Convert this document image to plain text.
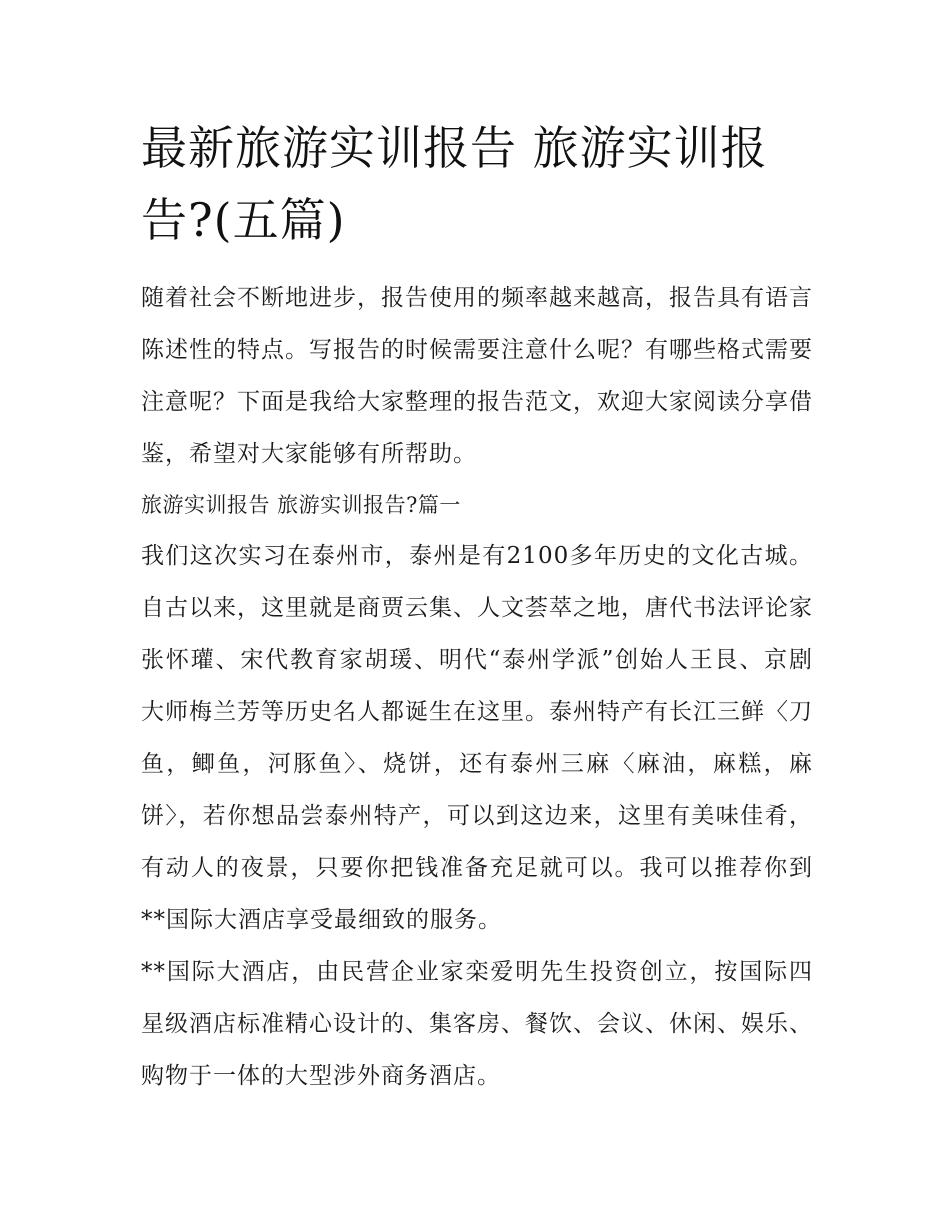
最新旅游实训报告 旅游实训报告?(五篇)

随着社会不断地进步，报告使用的频率越来越高，报告具有语言陈述性的特点。写报告的时候需要注意什么呢？有哪些格式需要注意呢？下面是我给大家整理的报告范文，欢迎大家阅读分享借鉴，希望对大家能够有所帮助。

旅游实训报告 旅游实训报告?篇一

我们这次实习在泰州市，泰州是有2100多年历史的文化古城。自古以来，这里就是商贾云集、人文荟萃之地，唐代书法评论家张怀瓘、宋代教育家胡瑗、明代“泰州学派”创始人王艮、京剧大师梅兰芳等历史名人都诞生在这里。泰州特产有长江三鲜〈刀鱼，鲫鱼，河豚鱼〉、烧饼，还有泰州三麻〈麻油，麻糕，麻饼〉，若你想品尝泰州特产，可以到这边来，这里有美味佳肴，有动人的夜景，只要你把钱准备充足就可以。我可以推荐你到**国际大酒店享受最细致的服务。

**国际大酒店，由民营企业家栾爱明先生投资创立，按国际四星级酒店标准精心设计的、集客房、餐饮、会议、休闲、娱乐、购物于一体的大型涉外商务酒店。
